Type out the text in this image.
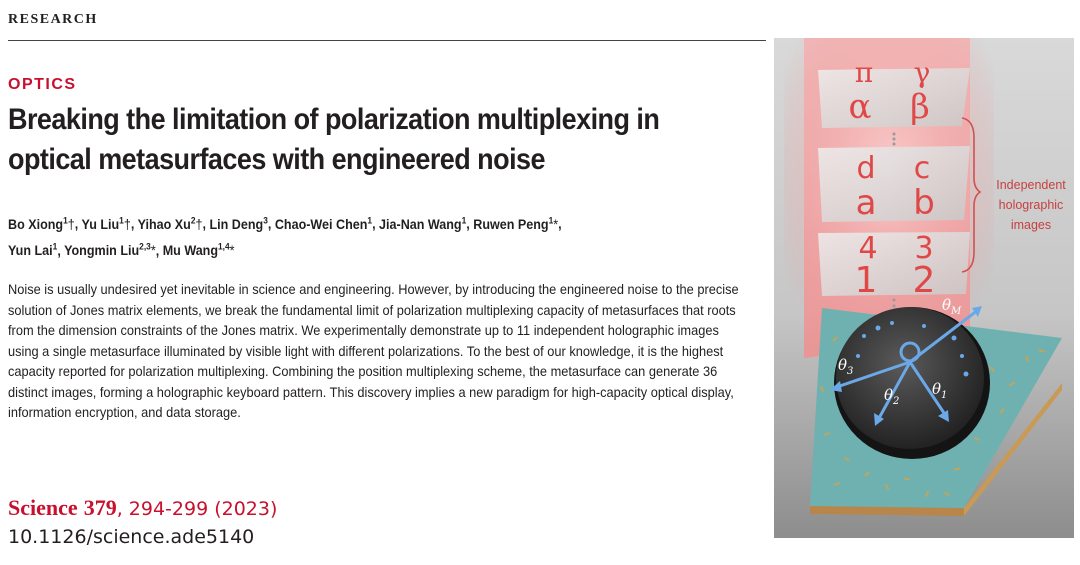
RESEARCH
OPTICS
Breaking the limitation of polarization multiplexing in optical metasurfaces with engineered noise
Bo Xiong$^1$†, Yu Liu$^1$†, Yihao Xu$^2$†, Lin Deng$^3$, Chao-Wei Chen$^1$, Jia-Nan Wang$^1$, Ruwen Peng$^1$*,
Yun Lai$^1$, Yongmin Liu$^{2,3}$*, Mu Wang$^{1,4}$*

Noise is usually undesired yet inevitable in science and engineering. However, by introducing the engineered noise to the precise solution of Jones matrix elements, we break the fundamental limit of polarization multiplexing capacity of metasurfaces that roots from the dimension constraints of the Jones matrix. We experimentally demonstrate up to 11 independent holographic images using a single metasurface illuminated by visible light with different polarizations. To the best of our knowledge, it is the highest capacity reported for polarization multiplexing. Combining the position multiplexing scheme, the metasurface can generate 36 distinct images, forming a holographic keyboard pattern. This discovery implies a new paradigm for high-capacity optical display, information encryption, and data storage.

Science 379, 294-299 (2023)
10.1126/science.ade5140
π γ
α β
d c
a b
4 3
1 2
Independent
holographic
images
$\theta_M$
$\theta_3$
$\theta_2$
$\theta_1$
